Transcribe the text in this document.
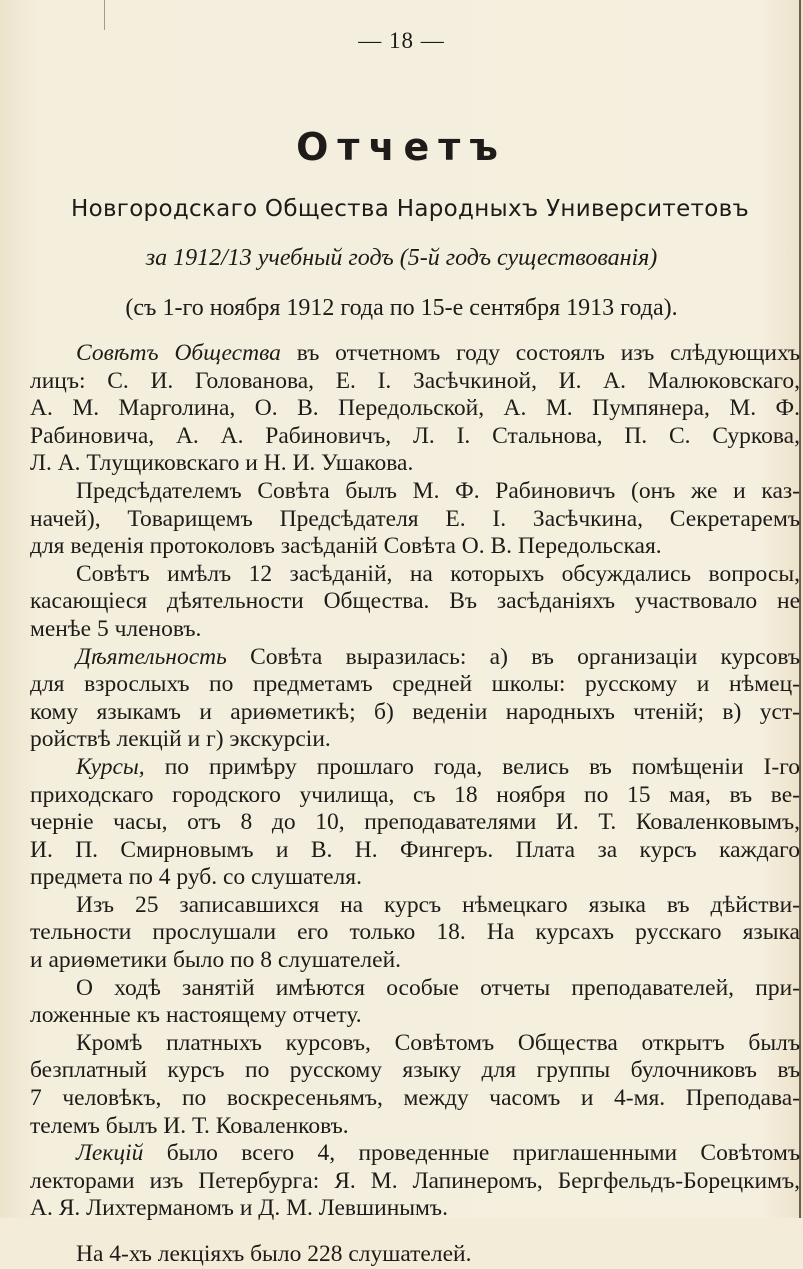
— 18 —
Отчетъ
Новгородскаго Общества Народныхъ Университетовъ
за 1912/13 учебный годъ (5-й годъ существованія)
(съ 1-го ноября 1912 года по 15-е сентября 1913 года).
Совѣтъ Общества въ отчетномъ году состоялъ изъ слѣдующихъ
лицъ: С. И. Голованова, Е. І. Засѣчкиной, И. А. Малюковскаго,
А. М. Марголина, О. В. Передольской, А. М. Пумпянера, М. Ф.
Рабиновича, А. А. Рабиновичъ, Л. І. Стальнова, П. С. Суркова,
Л. А. Тлущиковскаго и Н. И. Ушакова.
Предсѣдателемъ Совѣта былъ М. Ф. Рабиновичъ (онъ же и каз-
начей), Товарищемъ Предсѣдателя Е. І. Засѣчкина, Секретаремъ
для веденія протоколовъ засѣданій Совѣта О. В. Передольская.
Совѣтъ имѣлъ 12 засѣданій, на которыхъ обсуждались вопросы,
касающіеся дѣятельности Общества. Въ засѣданіяхъ участвовало не
менѣе 5 членовъ.
Дѣятельность Совѣта выразилась: а) въ организаціи курсовъ
для взрослыхъ по предметамъ средней школы: русскому и нѣмец-
кому языкамъ и ариѳметикѣ; б) веденіи народныхъ чтеній; в) уст-
ройствѣ лекцій и г) экскурсіи.
Курсы, по примѣру прошлаго года, велись въ помѣщеніи І-го
приходскаго городского училища, съ 18 ноября по 15 мая, въ ве-
черніе часы, отъ 8 до 10, преподавателями И. Т. Коваленковымъ,
И. П. Смирновымъ и В. Н. Фингеръ. Плата за курсъ каждаго
предмета по 4 руб. со слушателя.
Изъ 25 записавшихся на курсъ нѣмецкаго языка въ дѣйстви-
тельности прослушали его только 18. На курсахъ русскаго языка
и ариѳметики было по 8 слушателей.
О ходѣ занятій имѣются особые отчеты преподавателей, при-
ложенные къ настоящему отчету.
Кромѣ платныхъ курсовъ, Совѣтомъ Общества открытъ былъ
безплатный курсъ по русскому языку для группы булочниковъ въ
7 человѣкъ, по воскресеньямъ, между часомъ и 4-мя. Преподава-
телемъ былъ И. Т. Коваленковъ.
Лекцій было всего 4, проведенные приглашенными Совѣтомъ
лекторами изъ Петербурга: Я. М. Лапинеромъ, Бергфельдъ-Борецкимъ,
А. Я. Лихтерманомъ и Д. М. Левшинымъ.
На 4-хъ лекціяхъ было 228 слушателей.
